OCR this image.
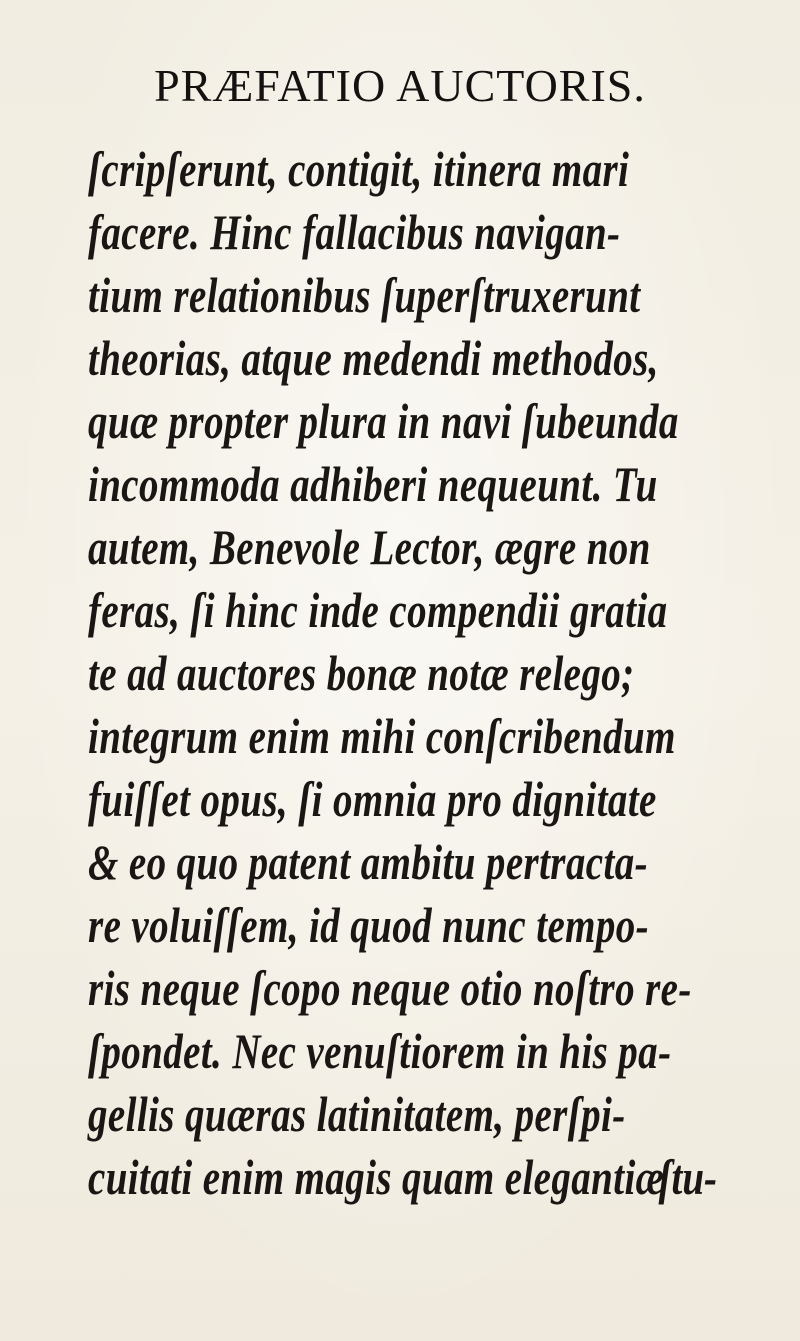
PRÆFATIO AUCTORIS.
ſcripſerunt, contigit, itinera mari
facere. Hinc fallacibus navigan-
tium relationibus ſuperſtruxerunt
theorias, atque medendi methodos,
quæ propter plura in navi ſubeunda
incommoda adhiberi nequeunt. Tu
autem, Benevole Lector, ægre non
feras, ſi hinc inde compendii gratia
te ad auctores bonæ notæ relego;
integrum enim mihi conſcribendum
fuiſſet opus, ſi omnia pro dignitate
& eo quo patent ambitu pertracta-
re voluiſſem, id quod nunc tempo-
ris neque ſcopo neque otio noſtro re-
ſpondet. Nec venuſtiorem in his pa-
gellis quæras latinitatem, perſpi-
cuitati enim magis quam elegantiæ
ſtu-
